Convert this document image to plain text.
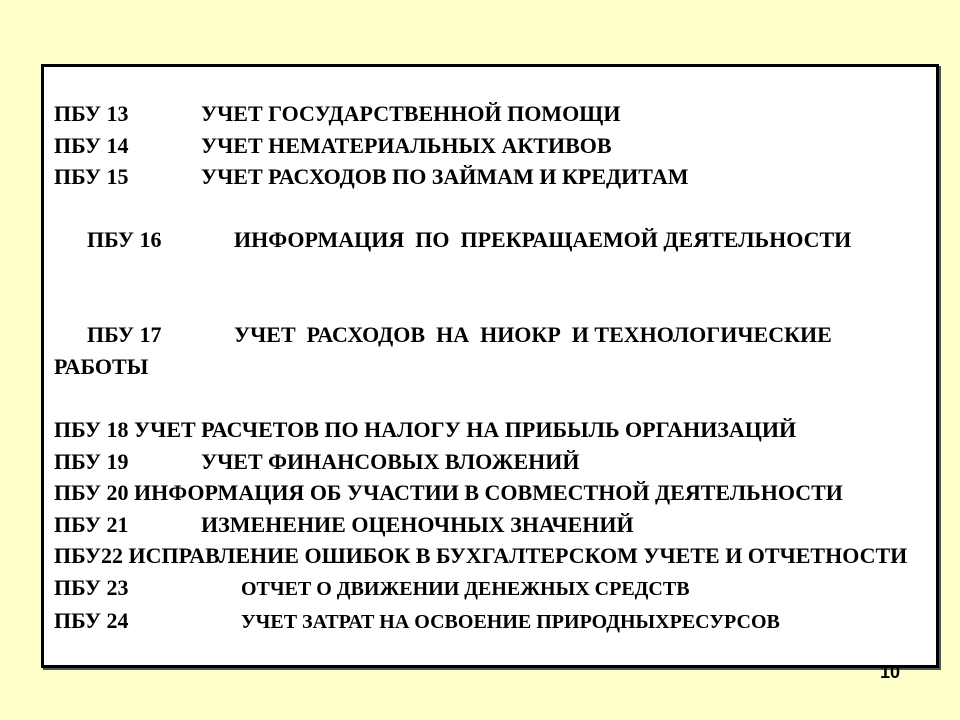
ПБУ 13	УЧЕТ ГОСУДАРСТВЕННОЙ ПОМОЩИ
ПБУ 14	УЧЕТ НЕМАТЕРИАЛЬНЫХ АКТИВОВ
ПБУ 15	УЧЕТ РАСХОДОВ ПО ЗАЙМАМ И КРЕДИТАМ

ПБУ 16	ИНФОРМАЦИЯ  ПО  ПРЕКРАЩАЕМОЙ ДЕЯТЕЛЬНОСТИ

ПБУ 17	УЧЕТ  РАСХОДОВ  НА  НИОКР  И ТЕХНОЛОГИЧЕСКИЕ  РАБОТЫ

ПБУ 18 УЧЕТ РАСЧЕТОВ ПО НАЛОГУ НА ПРИБЫЛЬ ОРГАНИЗАЦИЙ
ПБУ 19	УЧЕТ ФИНАНСОВЫХ ВЛОЖЕНИЙ
ПБУ 20 ИНФОРМАЦИЯ ОБ УЧАСТИИ В СОВМЕСТНОЙ ДЕЯТЕЛЬНОСТИ
ПБУ 21	ИЗМЕНЕНИЕ ОЦЕНОЧНЫХ ЗНАЧЕНИЙ
ПБУ22 ИСПРАВЛЕНИЕ ОШИБОК В БУХГАЛТЕРСКОМ УЧЕТЕ И ОТЧЕТНОСТИ
ПБУ 23	ОТЧЕТ О ДВИЖЕНИИ ДЕНЕЖНЫХ СРЕДСТВ
ПБУ 24	УЧЕТ ЗАТРАТ НА ОСВОЕНИЕ ПРИРОДНЫХРЕСУРСОВ
10
